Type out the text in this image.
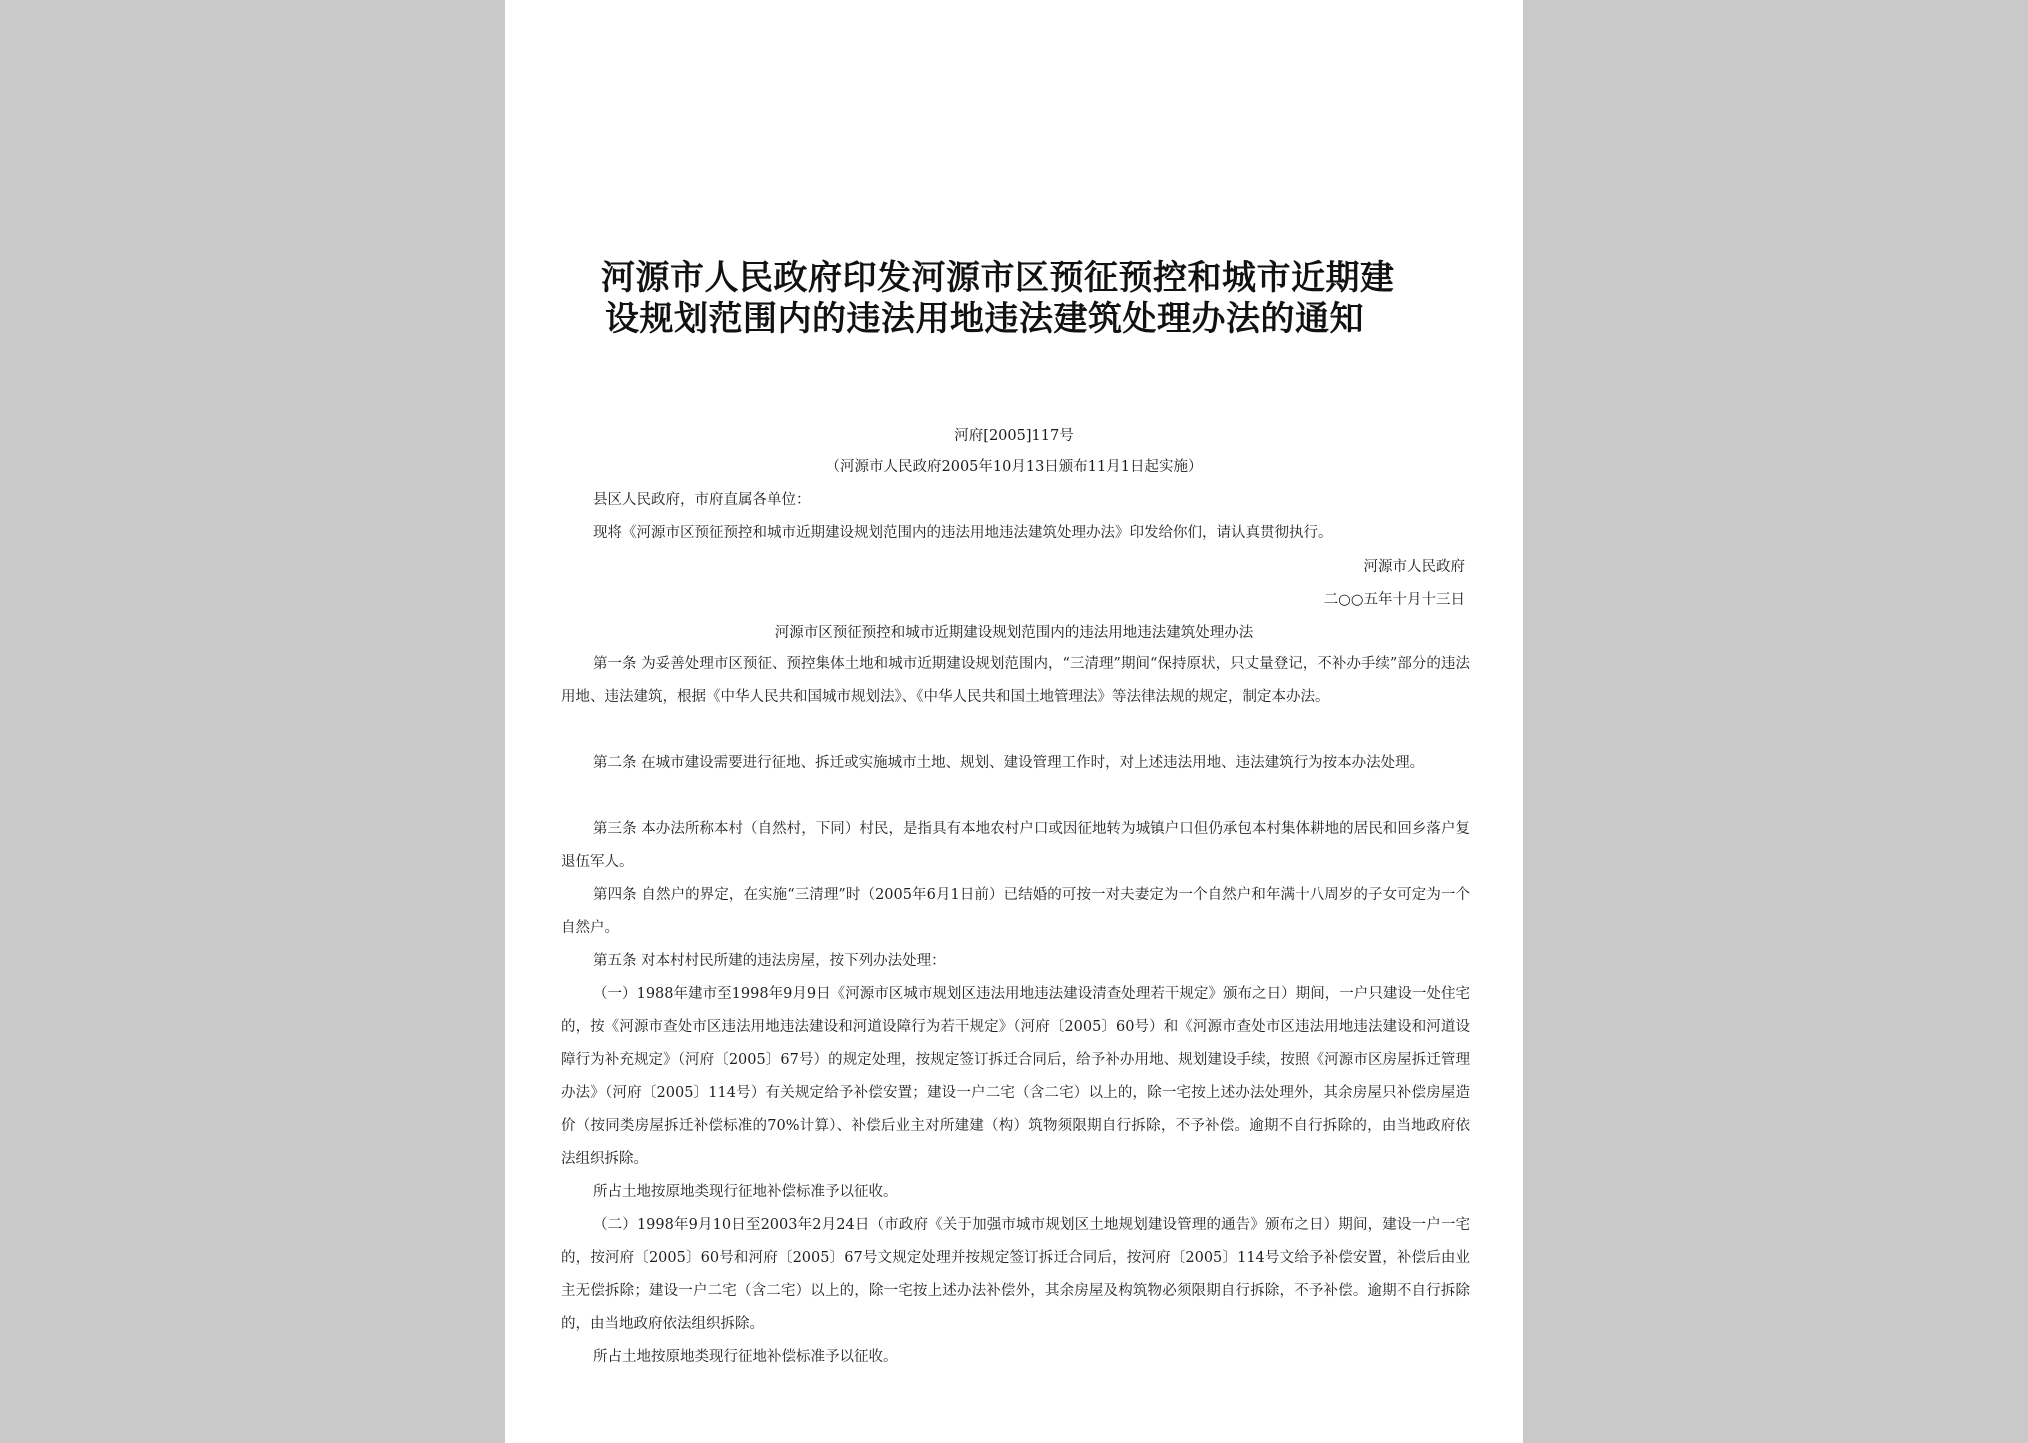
河源市人民政府印发河源市区预征预控和城市近期建
设规划范围内的违法用地违法建筑处理办法的通知
河府[2005]117号
（河源市人民政府2005年10月13日颁布11月1日起实施）
县区人民政府，市府直属各单位：
现将《河源市区预征预控和城市近期建设规划范围内的违法用地违法建筑处理办法》印发给你们，请认真贯彻执行。
河源市人民政府
二○○五年十月十三日
河源市区预征预控和城市近期建设规划范围内的违法用地违法建筑处理办法
第一条 为妥善处理市区预征、预控集体土地和城市近期建设规划范围内，“三清理”期间“保持原状，只丈量登记，不补办手续”部分的违法用地、违法建筑，根据《中华人民共和国城市规划法》、《中华人民共和国土地管理法》等法律法规的规定，制定本办法。
第二条 在城市建设需要进行征地、拆迁或实施城市土地、规划、建设管理工作时，对上述违法用地、违法建筑行为按本办法处理。
第三条 本办法所称本村（自然村，下同）村民，是指具有本地农村户口或因征地转为城镇户口但仍承包本村集体耕地的居民和回乡落户复退伍军人。
第四条 自然户的界定，在实施“三清理”时（2005年6月1日前）已结婚的可按一对夫妻定为一个自然户和年满十八周岁的子女可定为一个自然户。
第五条 对本村村民所建的违法房屋，按下列办法处理：
（一）1988年建市至1998年9月9日《河源市区城市规划区违法用地违法建设清查处理若干规定》颁布之日）期间，一户只建设一处住宅的，按《河源市查处市区违法用地违法建设和河道设障行为若干规定》（河府〔2005〕60号）和《河源市查处市区违法用地违法建设和河道设障行为补充规定》（河府〔2005〕67号）的规定处理，按规定签订拆迁合同后，给予补办用地、规划建设手续，按照《河源市区房屋拆迁管理办法》（河府〔2005〕114号）有关规定给予补偿安置；建设一户二宅（含二宅）以上的，除一宅按上述办法处理外，其余房屋只补偿房屋造价（按同类房屋拆迁补偿标准的70%计算）、补偿后业主对所建建（构）筑物须限期自行拆除，不予补偿。逾期不自行拆除的，由当地政府依法组织拆除。
所占土地按原地类现行征地补偿标准予以征收。
（二）1998年9月10日至2003年2月24日（市政府《关于加强市城市规划区土地规划建设管理的通告》颁布之日）期间，建设一户一宅的，按河府〔2005〕60号和河府〔2005〕67号文规定处理并按规定签订拆迁合同后，按河府〔2005〕114号文给予补偿安置，补偿后由业主无偿拆除；建设一户二宅（含二宅）以上的，除一宅按上述办法补偿外，其余房屋及构筑物必须限期自行拆除，不予补偿。逾期不自行拆除的，由当地政府依法组织拆除。
所占土地按原地类现行征地补偿标准予以征收。
